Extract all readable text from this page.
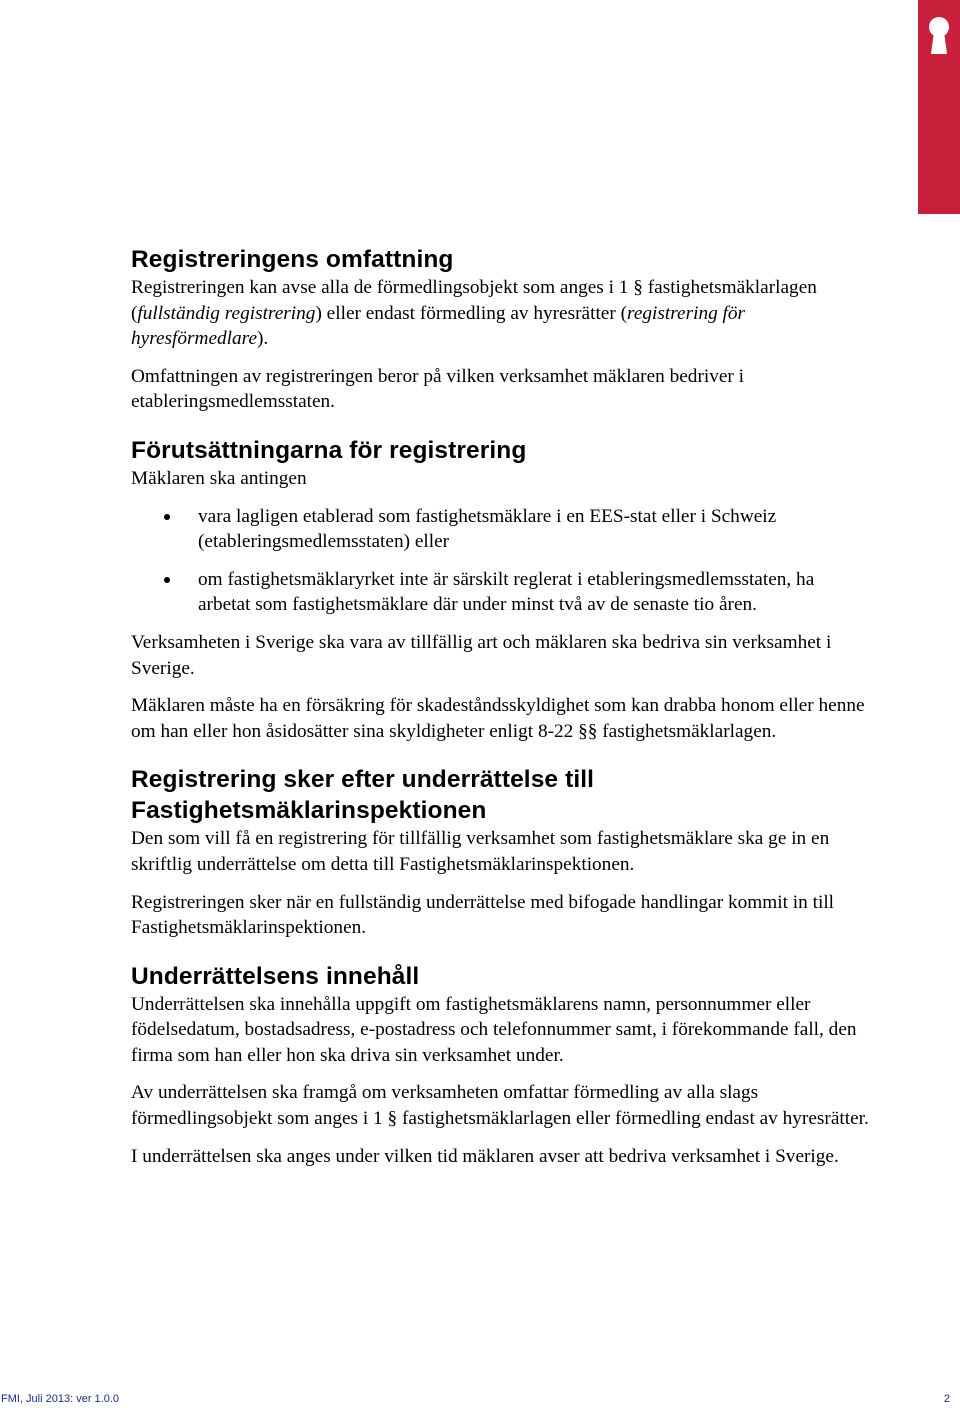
Registreringens omfattning

Registreringen kan avse alla de förmedlingsobjekt som anges i 1 § fastighetsmäklarlagen (fullständig registrering) eller endast förmedling av hyresrätter (registrering för hyresförmedlare).

Omfattningen av registreringen beror på vilken verksamhet mäklaren bedriver i etableringsmedlemsstaten.

Förutsättningarna för registrering

Mäklaren ska antingen

vara lagligen etablerad som fastighetsmäklare i en EES-stat eller i Schweiz (etableringsmedlemsstaten) eller
om fastighetsmäklaryrket inte är särskilt reglerat i etableringsmedlemsstaten, ha arbetat som fastighetsmäklare där under minst två av de senaste tio åren.

Verksamheten i Sverige ska vara av tillfällig art och mäklaren ska bedriva sin verksamhet i Sverige.

Mäklaren måste ha en försäkring för skadeståndsskyldighet som kan drabba honom eller henne om han eller hon åsidosätter sina skyldigheter enligt 8-22 §§ fastighetsmäklarlagen.

Registrering sker efter underrättelse till Fastighetsmäklarinspektionen

Den som vill få en registrering för tillfällig verksamhet som fastighetsmäklare ska ge in en skriftlig underrättelse om detta till Fastighetsmäklarinspektionen.

Registreringen sker när en fullständig underrättelse med bifogade handlingar kommit in till Fastighetsmäklarinspektionen.

Underrättelsens innehåll

Underrättelsen ska innehålla uppgift om fastighetsmäklarens namn, personnummer eller födelsedatum, bostadsadress, e-postadress och telefonnummer samt, i förekommande fall, den firma som han eller hon ska driva sin verksamhet under.

Av underrättelsen ska framgå om verksamheten omfattar förmedling av alla slags förmedlingsobjekt som anges i 1 § fastighetsmäklarlagen eller förmedling endast av hyresrätter.

I underrättelsen ska anges under vilken tid mäklaren avser att bedriva verksamhet i Sverige.

FMI, Juli 2013: ver 1.0.0	2
